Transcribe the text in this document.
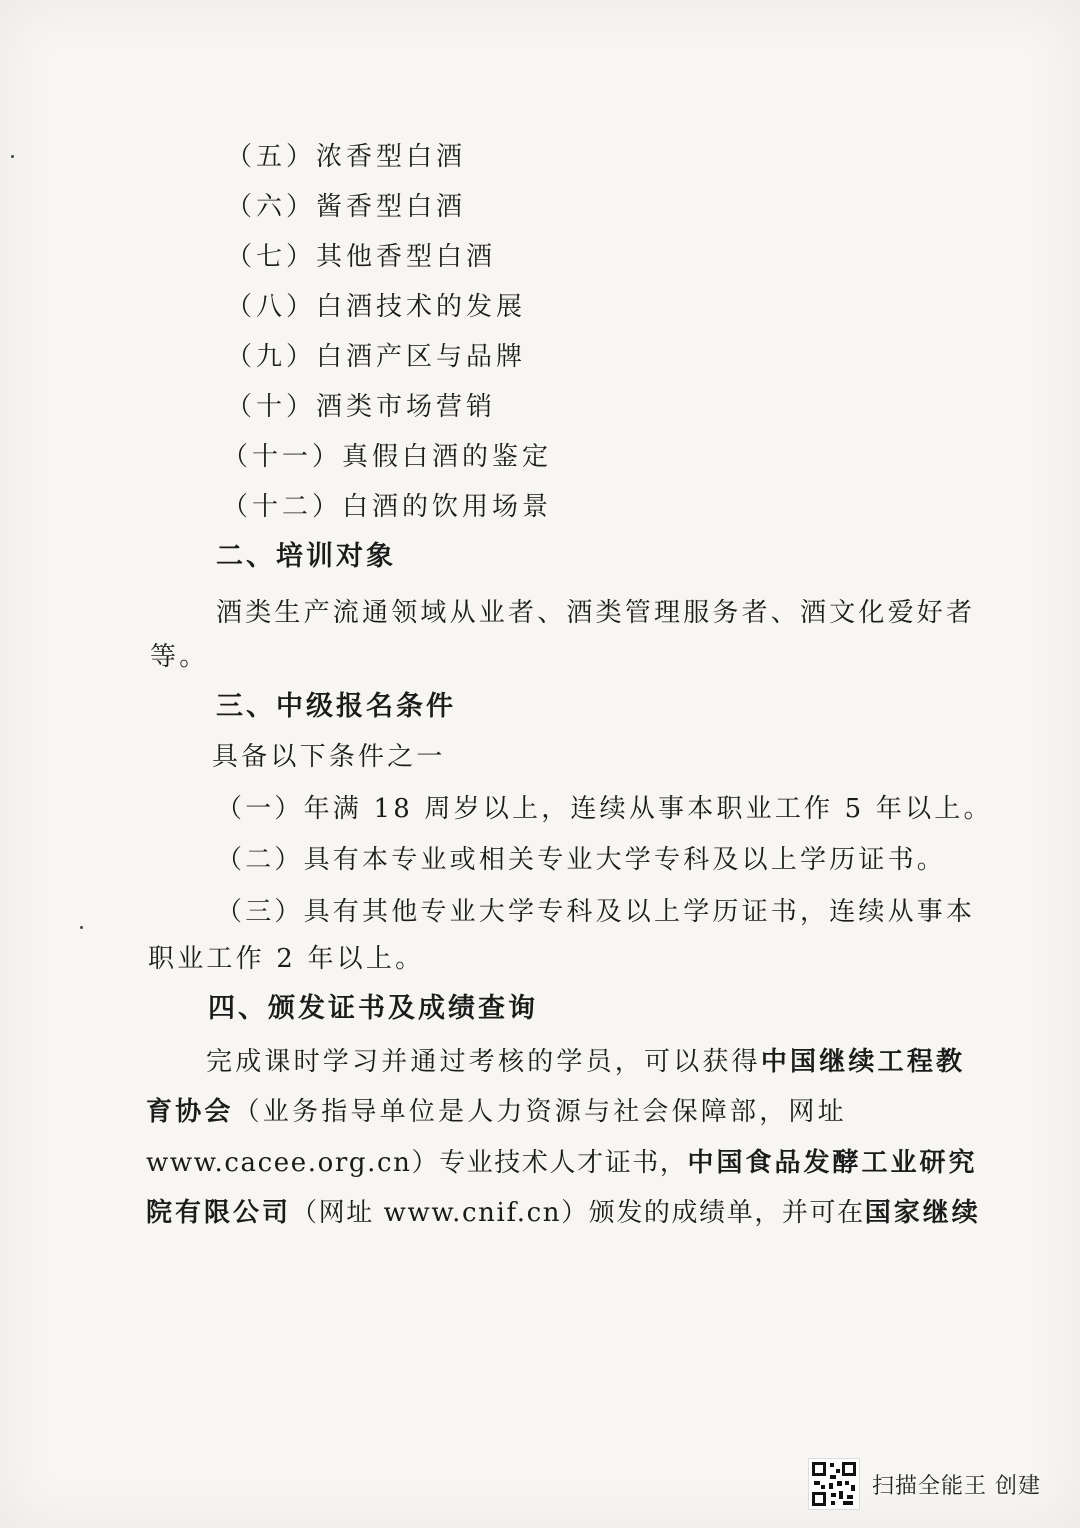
（五）浓香型白酒
（六）酱香型白酒
（七）其他香型白酒
（八）白酒技术的发展
（九）白酒产区与品牌
（十）酒类市场营销
（十一）真假白酒的鉴定
（十二）白酒的饮用场景
二、培训对象
酒类生产流通领域从业者、酒类管理服务者、酒文化爱好者
等。
三、中级报名条件
具备以下条件之一
（一）年满 18 周岁以上，连续从事本职业工作 5 年以上。
（二）具有本专业或相关专业大学专科及以上学历证书。
（三）具有其他专业大学专科及以上学历证书，连续从事本
职业工作 2 年以上。
四、颁发证书及成绩查询
完成课时学习并通过考核的学员，可以获得中国继续工程教
育协会（业务指导单位是人力资源与社会保障部，网址
www.cacee.org.cn）专业技术人才证书，中国食品发酵工业研究
院有限公司（网址 www.cnif.cn）颁发的成绩单，并可在国家继续
扫描全能王 创建
